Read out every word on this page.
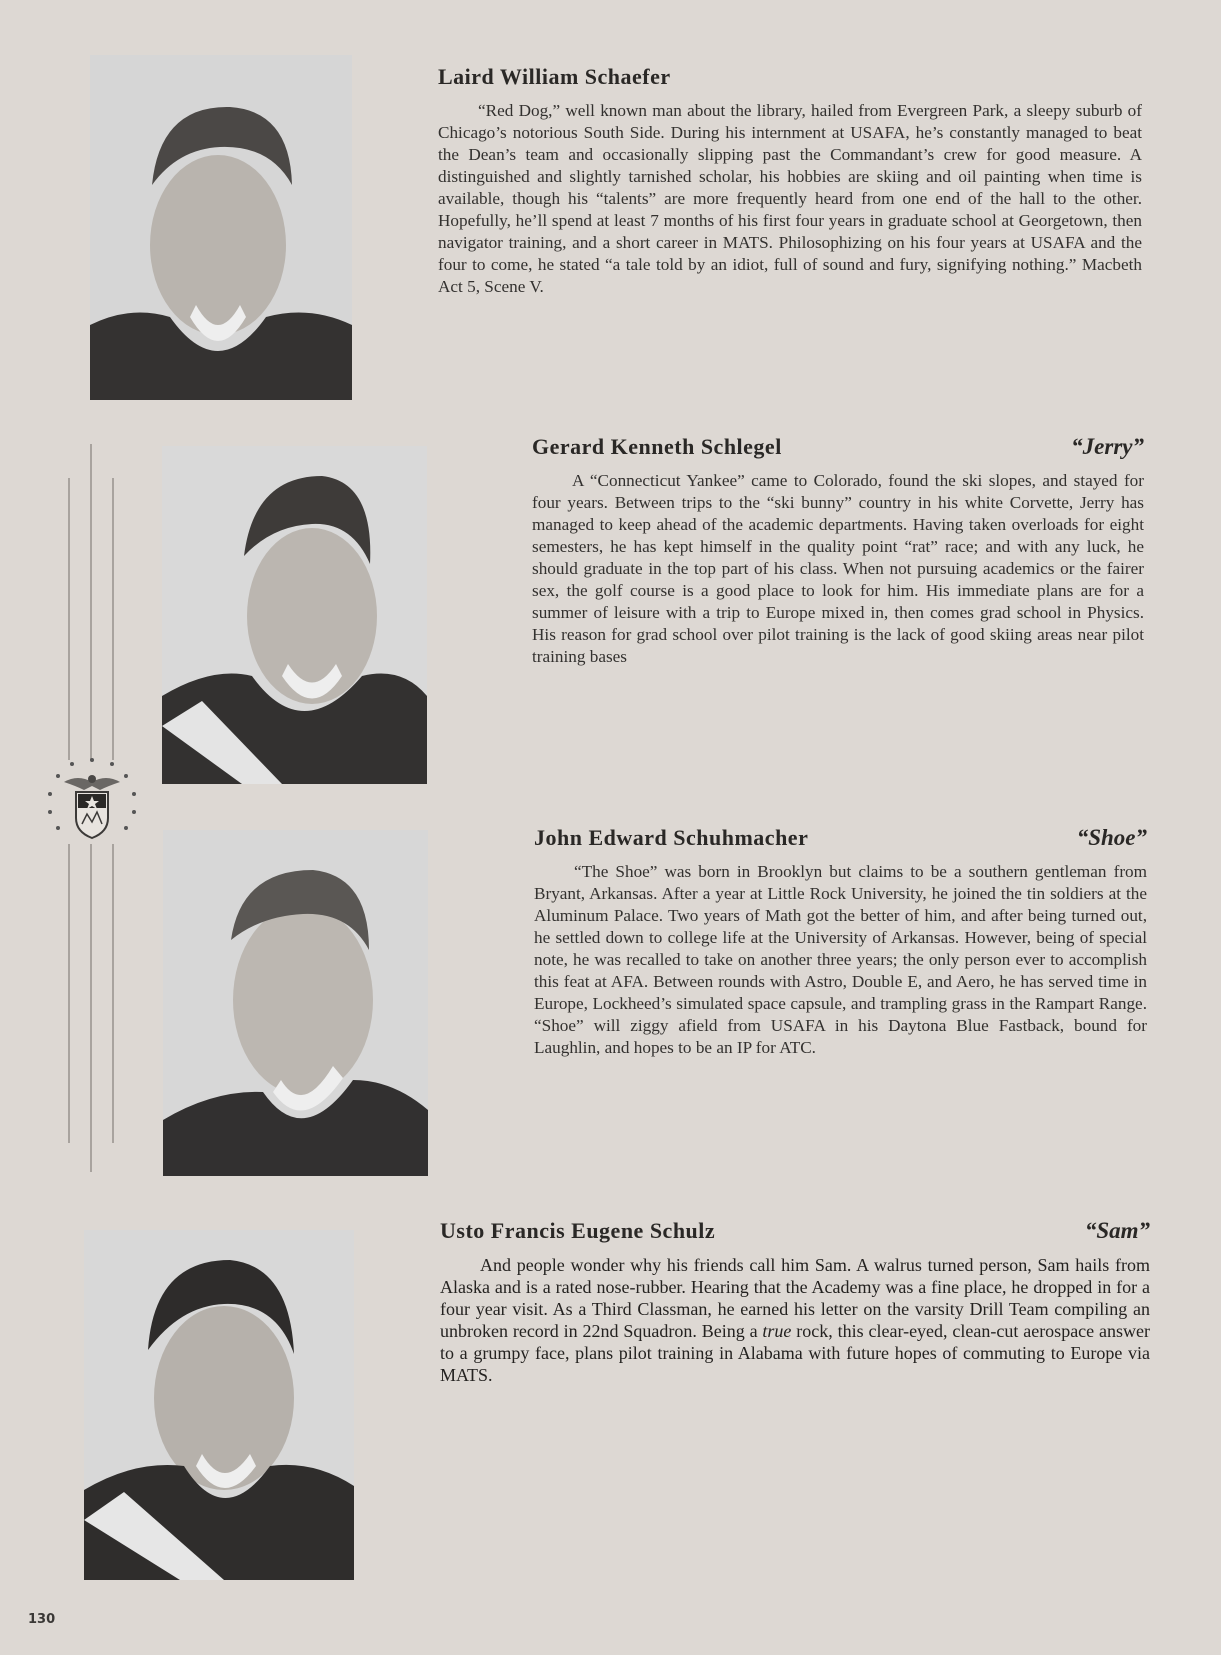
Laird William Schaefer
“Red Dog,” well known man about the library, hailed from Evergreen Park, a sleepy suburb of Chicago’s notorious South Side. During his internment at USAFA, he’s constantly managed to beat the Dean’s team and occasionally slipping past the Commandant’s crew for good measure. A distinguished and slightly tarnished scholar, his hobbies are skiing and oil painting when time is available, though his “talents” are more frequently heard from one end of the hall to the other. Hopefully, he’ll spend at least 7 months of his first four years in graduate school at Georgetown, then navigator training, and a short career in MATS. Philosophizing on his four years at USAFA and the four to come, he stated “a tale told by an idiot, full of sound and fury, signifying nothing.” Macbeth Act 5, Scene V.
Gerard Kenneth Schlegel	“Jerry”
A “Connecticut Yankee” came to Colorado, found the ski slopes, and stayed for four years. Between trips to the “ski bunny” country in his white Corvette, Jerry has managed to keep ahead of the academic departments. Having taken overloads for eight semesters, he has kept himself in the quality point “rat” race; and with any luck, he should graduate in the top part of his class. When not pursuing academics or the fairer sex, the golf course is a good place to look for him. His immediate plans are for a summer of leisure with a trip to Europe mixed in, then comes grad school in Physics. His reason for grad school over pilot training is the lack of good skiing areas near pilot training bases
John Edward Schuhmacher	“Shoe”
“The Shoe” was born in Brooklyn but claims to be a southern gentleman from Bryant, Arkansas. After a year at Little Rock University, he joined the tin soldiers at the Aluminum Palace. Two years of Math got the better of him, and after being turned out, he settled down to college life at the University of Arkansas. However, being of special note, he was recalled to take on another three years; the only person ever to accomplish this feat at AFA. Between rounds with Astro, Double E, and Aero, he has served time in Europe, Lockheed’s simulated space capsule, and trampling grass in the Rampart Range. “Shoe” will ziggy afield from USAFA in his Daytona Blue Fastback, bound for Laughlin, and hopes to be an IP for ATC.
Usto Francis Eugene Schulz	“Sam”
And people wonder why his friends call him Sam. A walrus turned person, Sam hails from Alaska and is a rated nose-rubber. Hearing that the Academy was a fine place, he dropped in for a four year visit. As a Third Classman, he earned his letter on the varsity Drill Team compiling an unbroken record in 22nd Squadron. Being a true rock, this clear-eyed, clean-cut aerospace answer to a grumpy face, plans pilot training in Alabama with future hopes of commuting to Europe via MATS.
130
